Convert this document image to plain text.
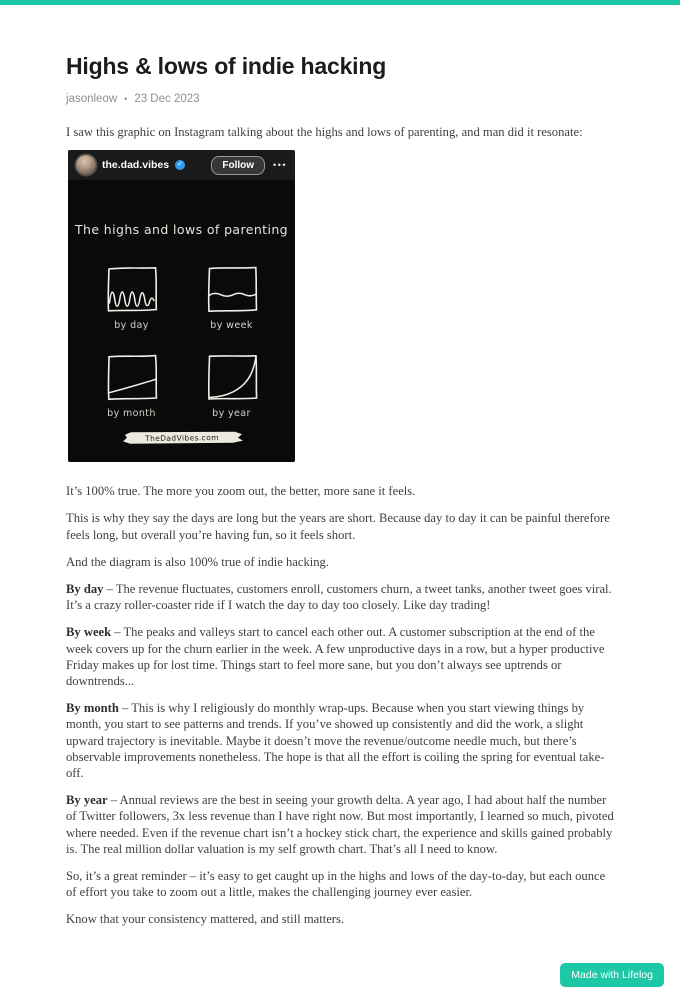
Highs & lows of indie hacking
jasonleow • 23 Dec 2023

I saw this graphic on Instagram talking about the highs and lows of parenting, and man did it resonate:

the.dad.vibes ✓	Follow	•••
The highs and lows of parenting
by day	by week
by month	by year
TheDadVibes.com

It’s 100% true. The more you zoom out, the better, more sane it feels.

This is why they say the days are long but the years are short. Because day to day it can be painful therefore feels long, but overall you’re having fun, so it feels short.

And the diagram is also 100% true of indie hacking.

By day – The revenue fluctuates, customers enroll, customers churn, a tweet tanks, another tweet goes viral. It’s a crazy roller-coaster ride if I watch the day to day too closely. Like day trading!

By week – The peaks and valleys start to cancel each other out. A customer subscription at the end of the week covers up for the churn earlier in the week. A few unproductive days in a row, but a hyper productive Friday makes up for lost time. Things start to feel more sane, but you don’t always see uptrends or downtrends...

By month – This is why I religiously do monthly wrap-ups. Because when you start viewing things by month, you start to see patterns and trends. If you’ve showed up consistently and did the work, a slight upward trajectory is inevitable. Maybe it doesn’t move the revenue/outcome needle much, but there’s observable improvements nonetheless. The hope is that all the effort is coiling the spring for eventual take-off.

By year – Annual reviews are the best in seeing your growth delta. A year ago, I had about half the number of Twitter followers, 3x less revenue than I have right now. But most importantly, I learned so much, pivoted where needed. Even if the revenue chart isn’t a hockey stick chart, the experience and skills gained probably is. The real million dollar valuation is my self growth chart. That’s all I need to know.

So, it’s a great reminder – it’s easy to get caught up in the highs and lows of the day-to-day, but each ounce of effort you take to zoom out a little, makes the challenging journey ever easier.

Know that your consistency mattered, and still matters.

Made with Lifelog
